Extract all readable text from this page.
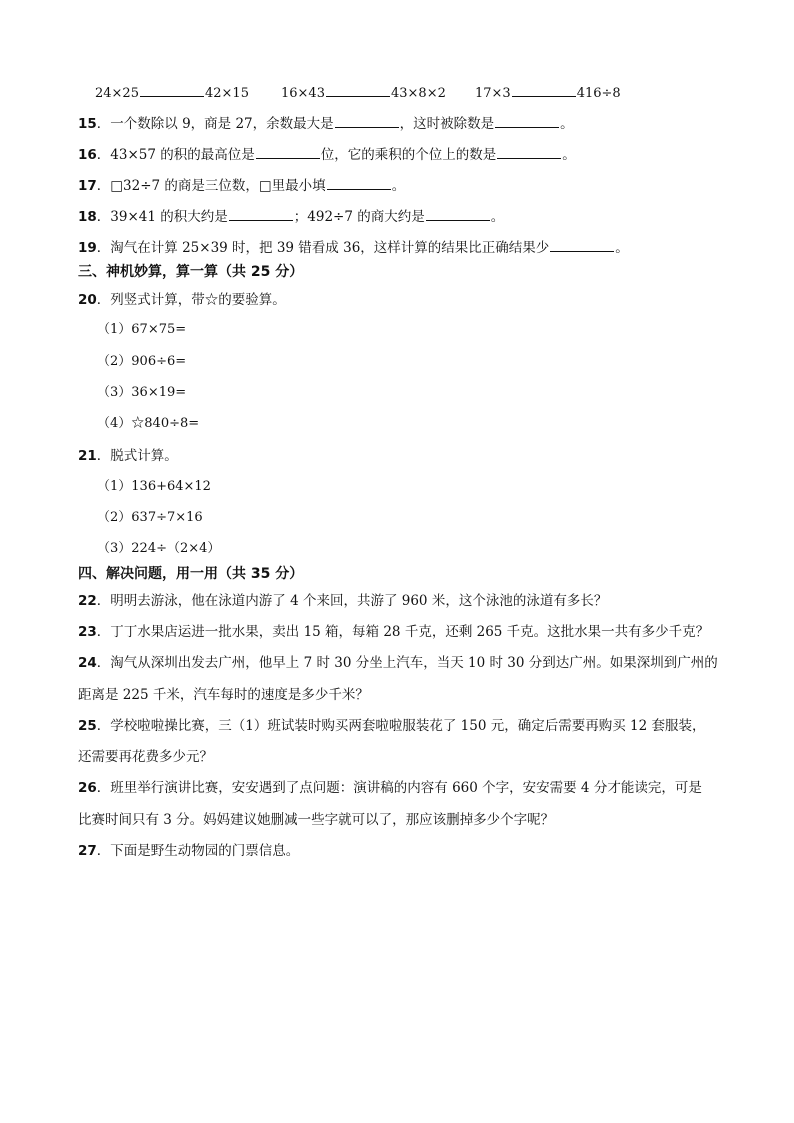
24×25	42×15 16×43	43×8×2 17×3	416÷8
15．一个数除以 9，商是 27，余数最大是	，这时被除数是	。
16．43×57 的积的最高位是	位，它的乘积的个位上的数是	。
17．□32÷7 的商是三位数，□里最小填	。
18．39×41 的积大约是	；492÷7 的商大约是	。
19．淘气在计算 25×39 时，把 39 错看成 36，这样计算的结果比正确结果少	。
三、神机妙算，算一算（共 25 分）
20．列竖式计算，带☆的要验算。
（1）67×75=
（2）906÷6=
（3）36×19=
（4）☆840÷8=
21．脱式计算。
（1）136+64×12
（2）637÷7×16
（3）224÷（2×4）
四、解决问题，用一用（共 35 分）
22．明明去游泳，他在泳道内游了 4 个来回，共游了 960 米，这个泳池的泳道有多长？
23．丁丁水果店运进一批水果，卖出 15 箱，每箱 28 千克，还剩 265 千克。这批水果一共有多少千克？
24．淘气从深圳出发去广州，他早上 7 时 30 分坐上汽车，当天 10 时 30 分到达广州。如果深圳到广州的
距离是 225 千米，汽车每时的速度是多少千米？
25．学校啦啦操比赛，三（1）班试装时购买两套啦啦服装花了 150 元，确定后需要再购买 12 套服装，
还需要再花费多少元？
26．班里举行演讲比赛，安安遇到了点问题：演讲稿的内容有 660 个字，安安需要 4 分才能读完，可是
比赛时间只有 3 分。妈妈建议她删减一些字就可以了，那应该删掉多少个字呢？
27．下面是野生动物园的门票信息。
